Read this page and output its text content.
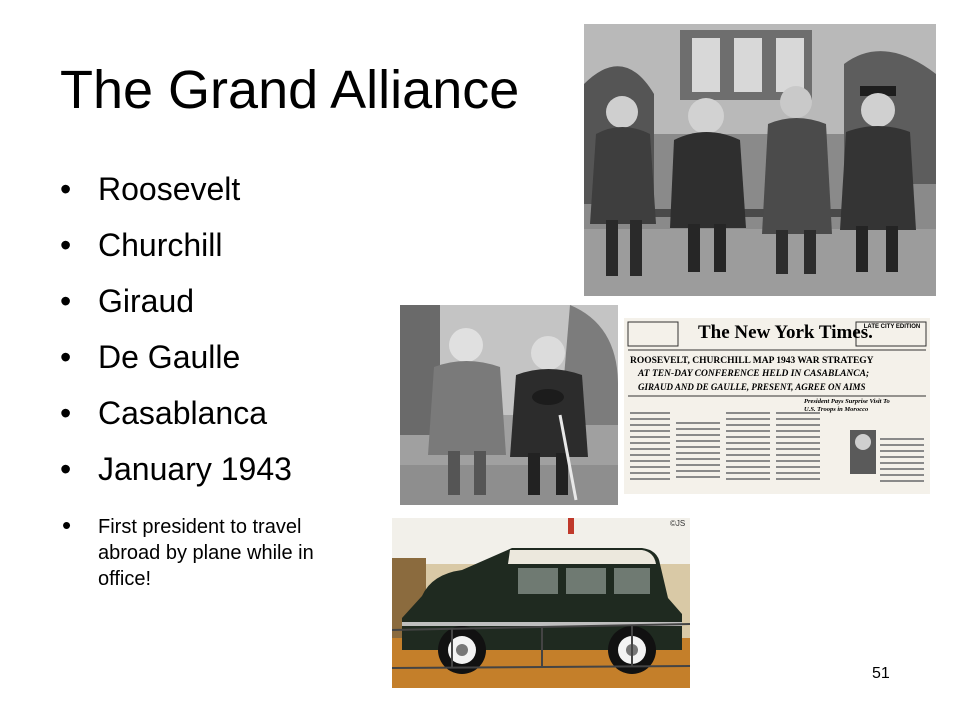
The Grand Alliance
• Roosevelt
• Churchill
• Giraud
• De Gaulle
• Casablanca
• January 1943

• First president to travel abroad by plane while in office!

The New York Times.
LATE CITY EDITION
ROOSEVELT, CHURCHILL MAP 1943 WAR STRATEGY
AT TEN-DAY CONFERENCE HELD IN CASABLANCA;
GIRAUD AND DE GAULLE, PRESENT, AGREE ON AIMS
President Pays Surprise Visit To U.S. Troops in Morocco
©JS
51
